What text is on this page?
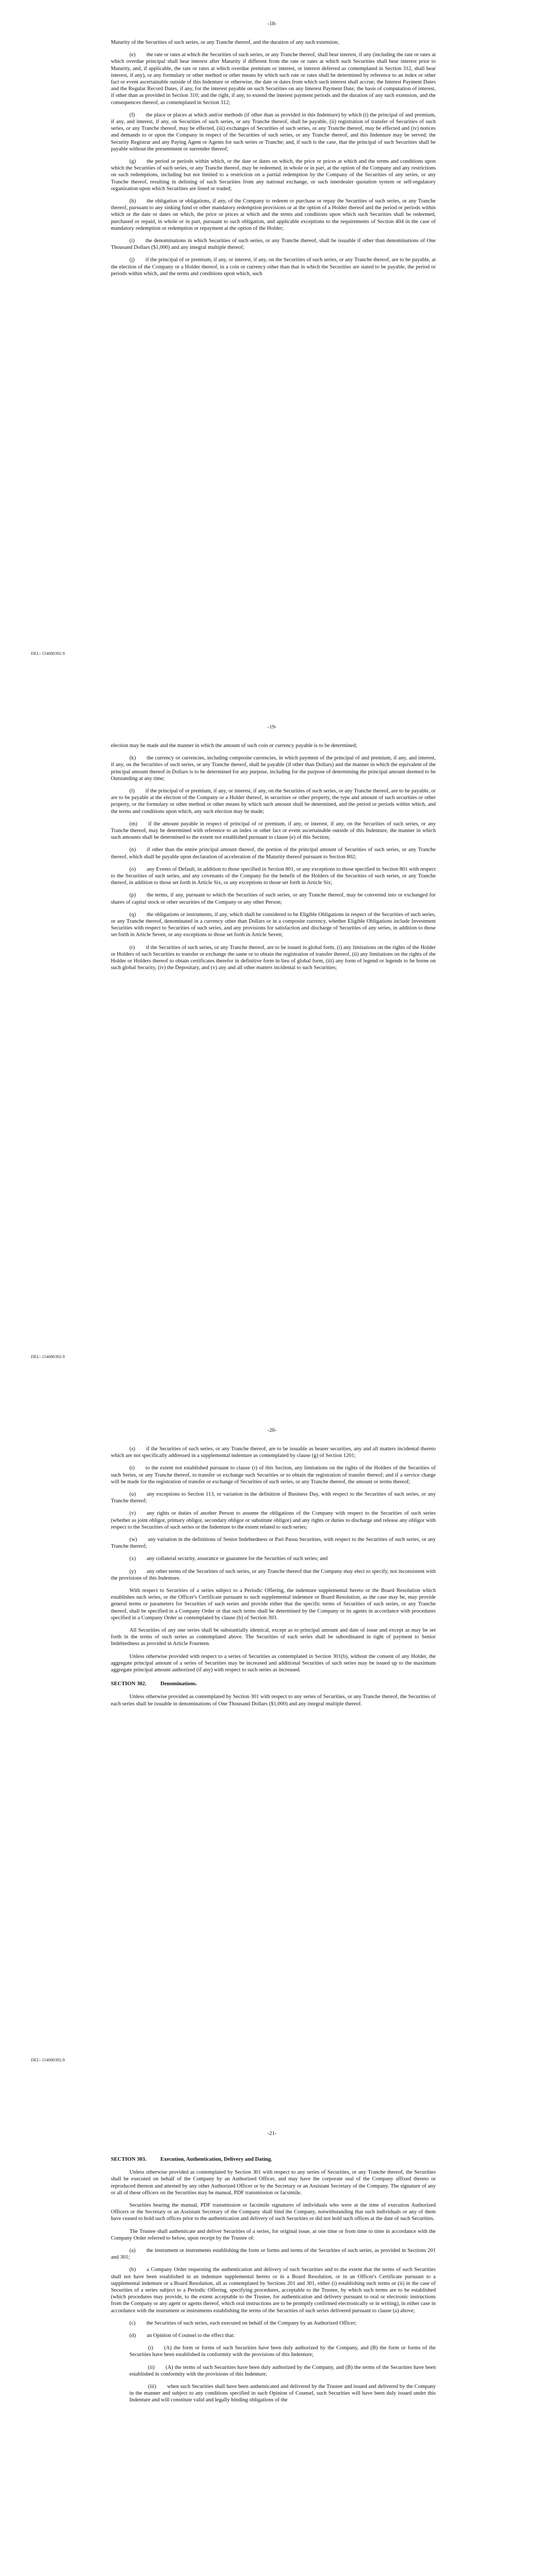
-18-

Maturity of the Securities of such series, or any Tranche thereof, and the duration of any such extension;

(e)  the rate or rates at which the Securities of such series, or any Tranche thereof, shall bear interest, if any (including the rate or rates at which overdue principal shall bear interest after Maturity if different from the rate or rates at which such Securities shall bear interest prior to Maturity, and, if applicable, the rate or rates at which overdue premium or interest, or interest deferred as contemplated in Section 312, shall bear interest, if any), or any formulary or other method or other means by which such rate or rates shall be determined by reference to an index or other fact or event ascertainable outside of this Indenture or otherwise, the date or dates from which such interest shall accrue; the Interest Payment Dates and the Regular Record Dates, if any, for the interest payable on such Securities on any Interest Payment Date; the basis of computation of interest, if other than as provided in Section 310; and the right, if any, to extend the interest payment periods and the duration of any such extension, and the consequences thereof, as contemplated in Section 312;

(f)  the place or places at which and/or methods (if other than as provided in this Indenture) by which (i) the principal of and premium, if any, and interest, if any, on Securities of such series, or any Tranche thereof, shall be payable, (ii) registration of transfer of Securities of such series, or any Tranche thereof, may be effected, (iii) exchanges of Securities of such series, or any Tranche thereof, may be effected and (iv) notices and demands to or upon the Company in respect of the Securities of such series, or any Tranche thereof, and this Indenture may be served; the Security Registrar and any Paying Agent or Agents for such series or Tranche; and, if such is the case, that the principal of such Securities shall be payable without the presentment or surrender thereof;

(g)  the period or periods within which, or the date or dates on which, the price or prices at which and the terms and conditions upon which the Securities of such series, or any Tranche thereof, may be redeemed, in whole or in part, at the option of the Company and any restrictions on such redemptions, including but not limited to a restriction on a partial redemption by the Company of the Securities of any series, or any Tranche thereof, resulting in delisting of such Securities from any national exchange, or such interdealer quotation system or self-regulatory organization upon which Securities are listed or traded;

(h)  the obligation or obligations, if any, of the Company to redeem or purchase or repay the Securities of such series, or any Tranche thereof, pursuant to any sinking fund or other mandatory redemption provisions or at the option of a Holder thereof and the period or periods within which or the date or dates on which, the price or prices at which and the terms and conditions upon which such Securities shall be redeemed, purchased or repaid, in whole or in part, pursuant to such obligation, and applicable exceptions to the requirements of Section 404 in the case of mandatory redemption or redemption or repayment at the option of the Holder;

(i)  the denominations in which Securities of such series, or any Tranche thereof, shall be issuable if other than denominations of One Thousand Dollars ($1,000) and any integral multiple thereof;

(j)  if the principal of or premium, if any, or interest, if any, on the Securities of such series, or any Tranche thereof, are to be payable, at the election of the Company or a Holder thereof, in a coin or currency other than that in which the Securities are stated to be payable, the period or periods within which, and the terms and conditions upon which, such

DEL\ 154080392.9
-19-

election may be made and the manner in which the amount of such coin or currency payable is to be determined;

(k)  the currency or currencies, including composite currencies, in which payment of the principal of and premium, if any, and interest, if any, on the Securities of such series, or any Tranche thereof, shall be payable (if other than Dollars) and the manner in which the equivalent of the principal amount thereof in Dollars is to be determined for any purpose, including for the purpose of determining the principal amount deemed to be Outstanding at any time;

(l)  if the principal of or premium, if any, or interest, if any, on the Securities of such series, or any Tranche thereof, are to be payable, or are to be payable at the election of the Company or a Holder thereof, in securities or other property, the type and amount of such securities or other property, or the formulary or other method or other means by which such amount shall be determined, and the period or periods within which, and the terms and conditions upon which, any such election may be made;

(m)  if the amount payable in respect of principal of or premium, if any, or interest, if any, on the Securities of such series, or any Tranche thereof, may be determined with reference to an index or other fact or event ascertainable outside of this Indenture, the manner in which such amounts shall be determined to the extent not established pursuant to clause (e) of this Section;

(n)  if other than the entire principal amount thereof, the portion of the principal amount of Securities of such series, or any Tranche thereof, which shall be payable upon declaration of acceleration of the Maturity thereof pursuant to Section 802;

(o)  any Events of Default, in addition to those specified in Section 801, or any exceptions to those specified in Section 801 with respect to the Securities of such series, and any covenants of the Company for the benefit of the Holders of the Securities of such series, or any Tranche thereof, in addition to those set forth in Article Six, or any exceptions to those set forth in Article Six;

(p)  the terms, if any, pursuant to which the Securities of such series, or any Tranche thereof, may be converted into or exchanged for shares of capital stock or other securities of the Company or any other Person;

(q)  the obligations or instruments, if any, which shall be considered to be Eligible Obligations in respect of the Securities of such series, or any Tranche thereof, denominated in a currency other than Dollars or in a composite currency, whether Eligible Obligations include Investment Securities with respect to Securities of such series, and any provisions for satisfaction and discharge of Securities of any series, in addition to those set forth in Article Seven, or any exceptions to those set forth in Article Seven;

(r)  if the Securities of such series, or any Tranche thereof, are to be issued in global form, (i) any limitations on the rights of the Holder or Holders of such Securities to transfer or exchange the same or to obtain the registration of transfer thereof, (ii) any limitations on the rights of the Holder or Holders thereof to obtain certificates therefor in definitive form in lieu of global form, (iii) any form of legend or legends to be borne on such global Security, (iv) the Depositary, and (v) any and all other matters incidental to such Securities;

DEL\ 154080392.9
-20-

(s)  if the Securities of such series, or any Tranche thereof, are to be issuable as bearer securities, any and all matters incidental thereto which are not specifically addressed in a supplemental indenture as contemplated by clause (g) of Section 1201;

(t)  to the extent not established pursuant to clause (r) of this Section, any limitations on the rights of the Holders of the Securities of such Series, or any Tranche thereof, to transfer or exchange such Securities or to obtain the registration of transfer thereof; and if a service charge will be made for the registration of transfer or exchange of Securities of such series, or any Tranche thereof, the amount or terms thereof;

(u)  any exceptions to Section 113, or variation in the definition of Business Day, with respect to the Securities of such series, or any Tranche thereof;

(v)  any rights or duties of another Person to assume the obligations of the Company with respect to the Securities of such series (whether as joint obligor, primary obligor, secondary obligor or substitute obligor) and any rights or duties to discharge and release any obligor with respect to the Securities of such series or the Indenture to the extent related to such series;

(w)  any variation in the definitions of Senior Indebtedness or Pari Passu Securities, with respect to the Securities of such series, or any Tranche thereof;

(x)  any collateral security, assurance or guarantee for the Securities of such series; and

(y)  any other terms of the Securities of such series, or any Tranche thereof that the Company may elect to specify, not inconsistent with the provisions of this Indenture.

With respect to Securities of a series subject to a Periodic Offering, the indenture supplemental hereto or the Board Resolution which establishes such series, or the Officer's Certificate pursuant to such supplemental indenture or Board Resolution, as the case may be, may provide general terms or parameters for Securities of such series and provide either that the specific terms of Securities of such series, or any Tranche thereof, shall be specified in a Company Order or that such terms shall be determined by the Company or its agents in accordance with procedures specified in a Company Order as contemplated by clause (b) of Section 303.

All Securities of any one series shall be substantially identical, except as to principal amount and date of issue and except as may be set forth in the terms of such series as contemplated above. The Securities of each series shall be subordinated in right of payment to Senior Indebtedness as provided in Article Fourteen.

Unless otherwise provided with respect to a series of Securities as contemplated in Section 301(b), without the consent of any Holder, the aggregate principal amount of a series of Securities may be increased and additional Securities of such series may be issued up to the maximum aggregate principal amount authorized (if any) with respect to such series as increased.

SECTION 302.	Denominations.

Unless otherwise provided as contemplated by Section 301 with respect to any series of Securities, or any Tranche thereof, the Securities of each series shall be issuable in denominations of One Thousand Dollars ($1,000) and any integral multiple thereof.

DEL\ 154080392.9
-21-

SECTION 303.	Execution, Authentication, Delivery and Dating.

Unless otherwise provided as contemplated by Section 301 with respect to any series of Securities, or any Tranche thereof, the Securities shall be executed on behalf of the Company by an Authorized Officer, and may have the corporate seal of the Company affixed thereto or reproduced thereon and attested by any other Authorized Officer or by the Secretary or an Assistant Secretary of the Company. The signature of any or all of these officers on the Securities may be manual, PDF transmission or facsimile.

Securities bearing the manual, PDF transmission or facsimile signatures of individuals who were at the time of execution Authorized Officers or the Secretary or an Assistant Secretary of the Company shall bind the Company, notwithstanding that such individuals or any of them have ceased to hold such offices prior to the authentication and delivery of such Securities or did not hold such offices at the date of such Securities.

The Trustee shall authenticate and deliver Securities of a series, for original issue, at one time or from time to time in accordance with the Company Order referred to below, upon receipt by the Trustee of:

(a)  the instrument or instruments establishing the form or forms and terms of the Securities of such series, as provided in Sections 201 and 301;

(b)  a Company Order requesting the authentication and delivery of such Securities and to the extent that the terms of such Securities shall not have been established in an indenture supplemental hereto or in a Board Resolution, or in an Officer's Certificate pursuant to a supplemental indenture or a Board Resolution, all as contemplated by Sections 201 and 301, either (i) establishing such terms or (ii) in the case of Securities of a series subject to a Periodic Offering, specifying procedures, acceptable to the Trustee, by which such terms are to be established (which procedures may provide, to the extent acceptable to the Trustee, for authentication and delivery pursuant to oral or electronic instructions from the Company or any agent or agents thereof, which oral instructions are to be promptly confirmed electronically or in writing), in either case in accordance with the instrument or instruments establishing the terms of the Securities of such series delivered pursuant to clause (a) above;

(c)  the Securities of such series, each executed on behalf of the Company by an Authorized Officer;

(d)  an Opinion of Counsel to the effect that:

(i)  (A) the form or forms of such Securities have been duly authorized by the Company, and (B) the form or forms of the Securities have been established in conformity with the provisions of this Indenture;

(ii)  (A) the terms of such Securities have been duly authorized by the Company, and (B) the terms of the Securities have been established in conformity with the provisions of this Indenture;

(iii)  when such Securities shall have been authenticated and delivered by the Trustee and issued and delivered by the Company in the manner and subject to any conditions specified in such Opinion of Counsel, such Securities will have been duly issued under this Indenture and will constitute valid and legally binding obligations of the
